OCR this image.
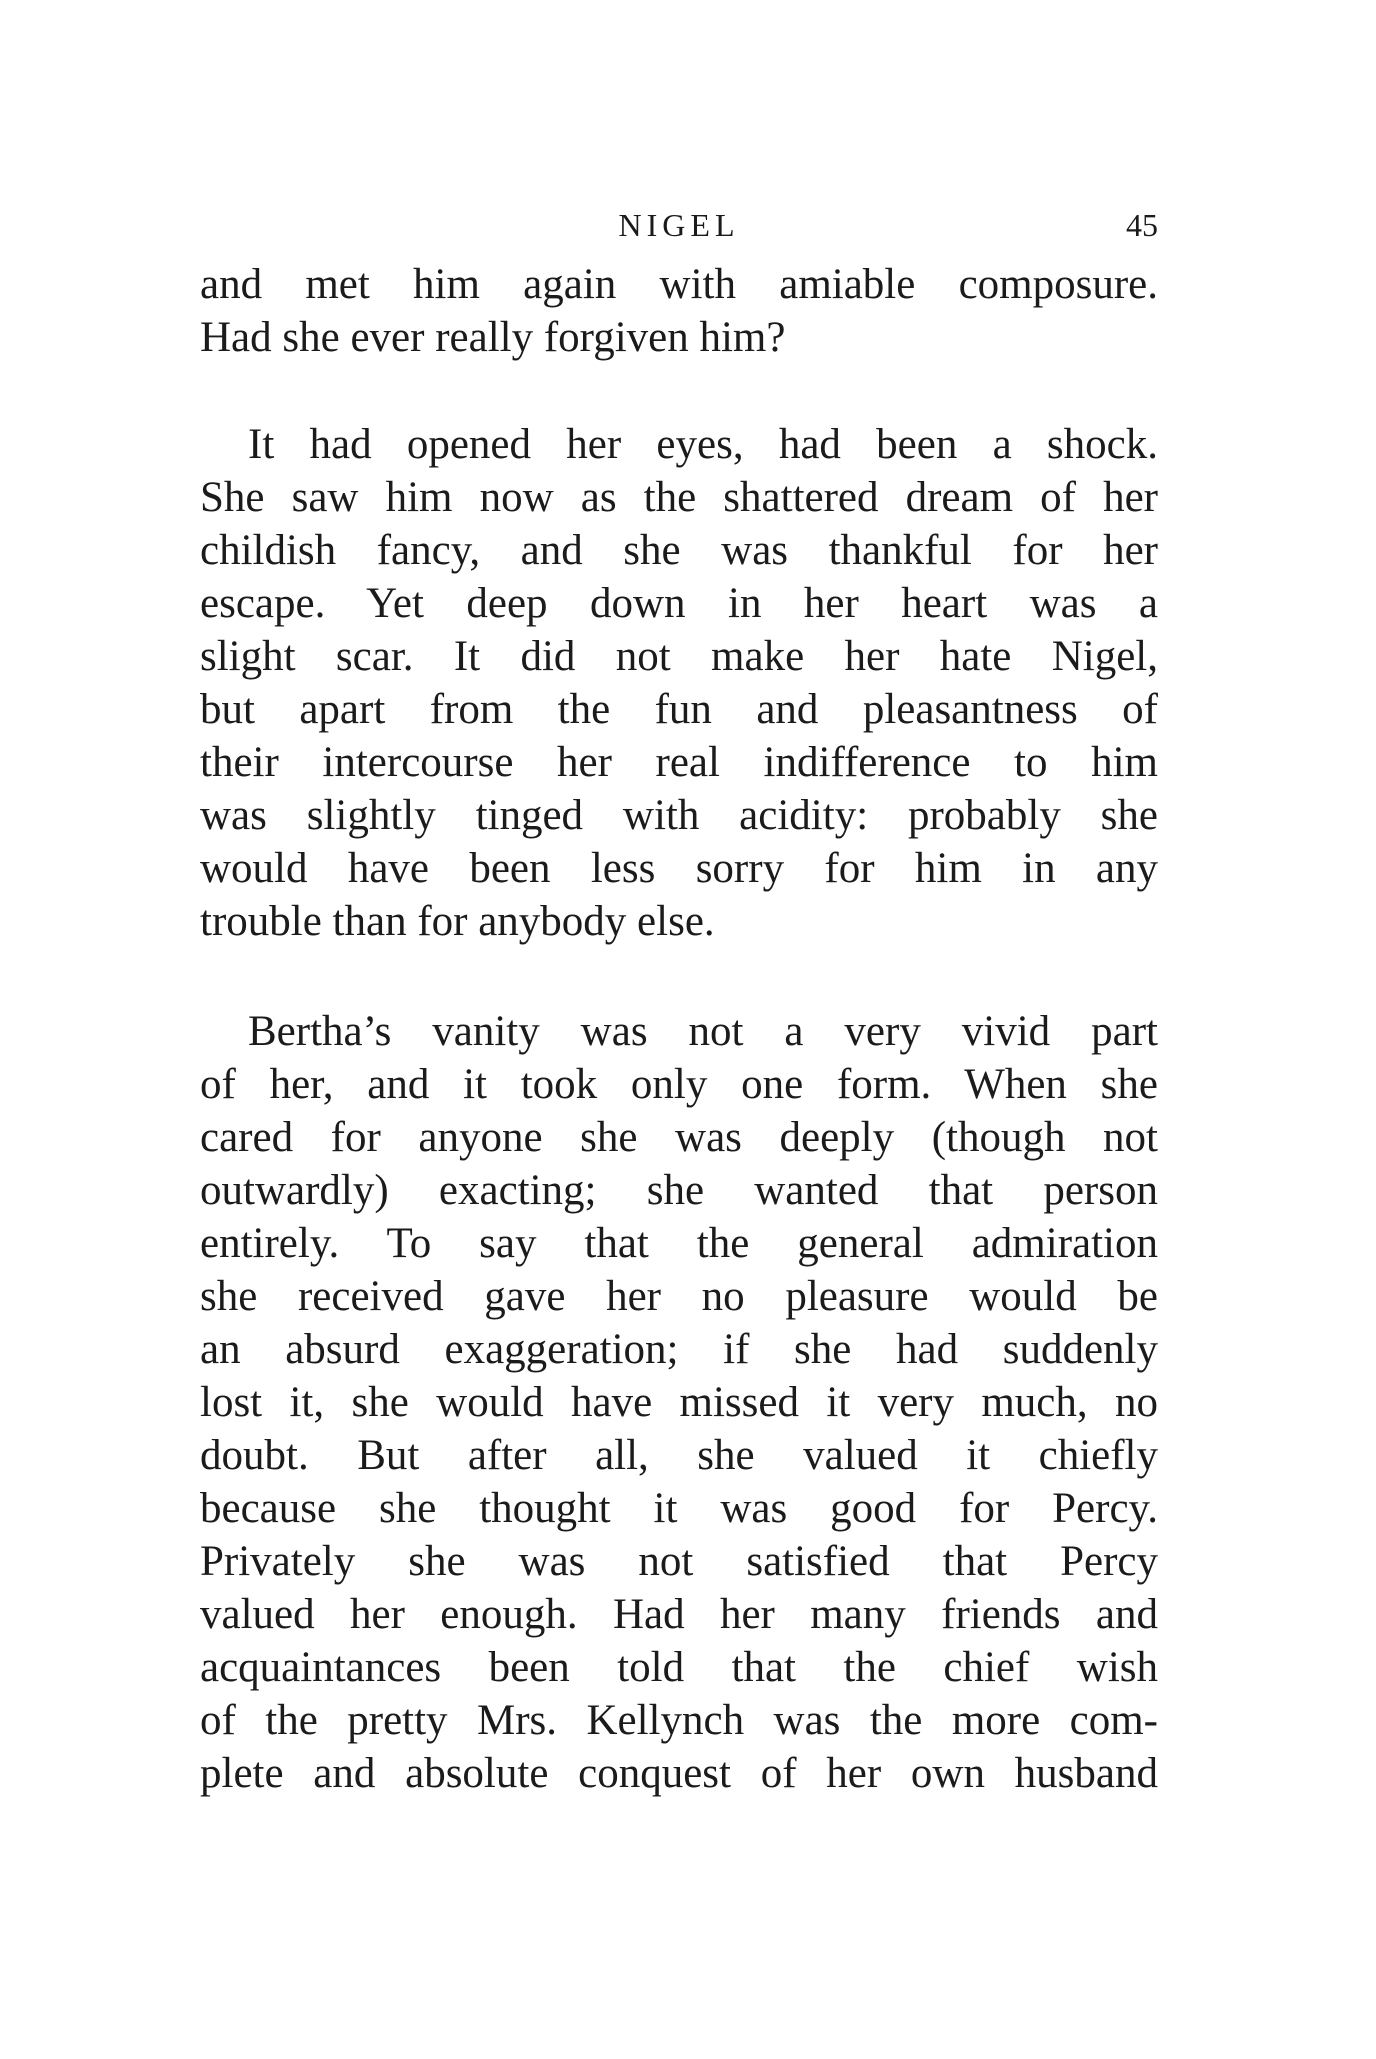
NIGEL	45
and met him again with amiable composure.
Had she ever really forgiven him?
It had opened her eyes, had been a shock.
She saw him now as the shattered dream of her
childish fancy, and she was thankful for her
escape. Yet deep down in her heart was a
slight scar. It did not make her hate Nigel,
but apart from the fun and pleasantness of
their intercourse her real indifference to him
was slightly tinged with acidity: probably she
would have been less sorry for him in any
trouble than for anybody else.
Bertha’s vanity was not a very vivid part
of her, and it took only one form. When she
cared for anyone she was deeply (though not
outwardly) exacting; she wanted that person
entirely. To say that the general admiration
she received gave her no pleasure would be
an absurd exaggeration; if she had suddenly
lost it, she would have missed it very much, no
doubt. But after all, she valued it chiefly
because she thought it was good for Percy.
Privately she was not satisfied that Percy
valued her enough. Had her many friends and
acquaintances been told that the chief wish
of the pretty Mrs. Kellynch was the more com-
plete and absolute conquest of her own husband
